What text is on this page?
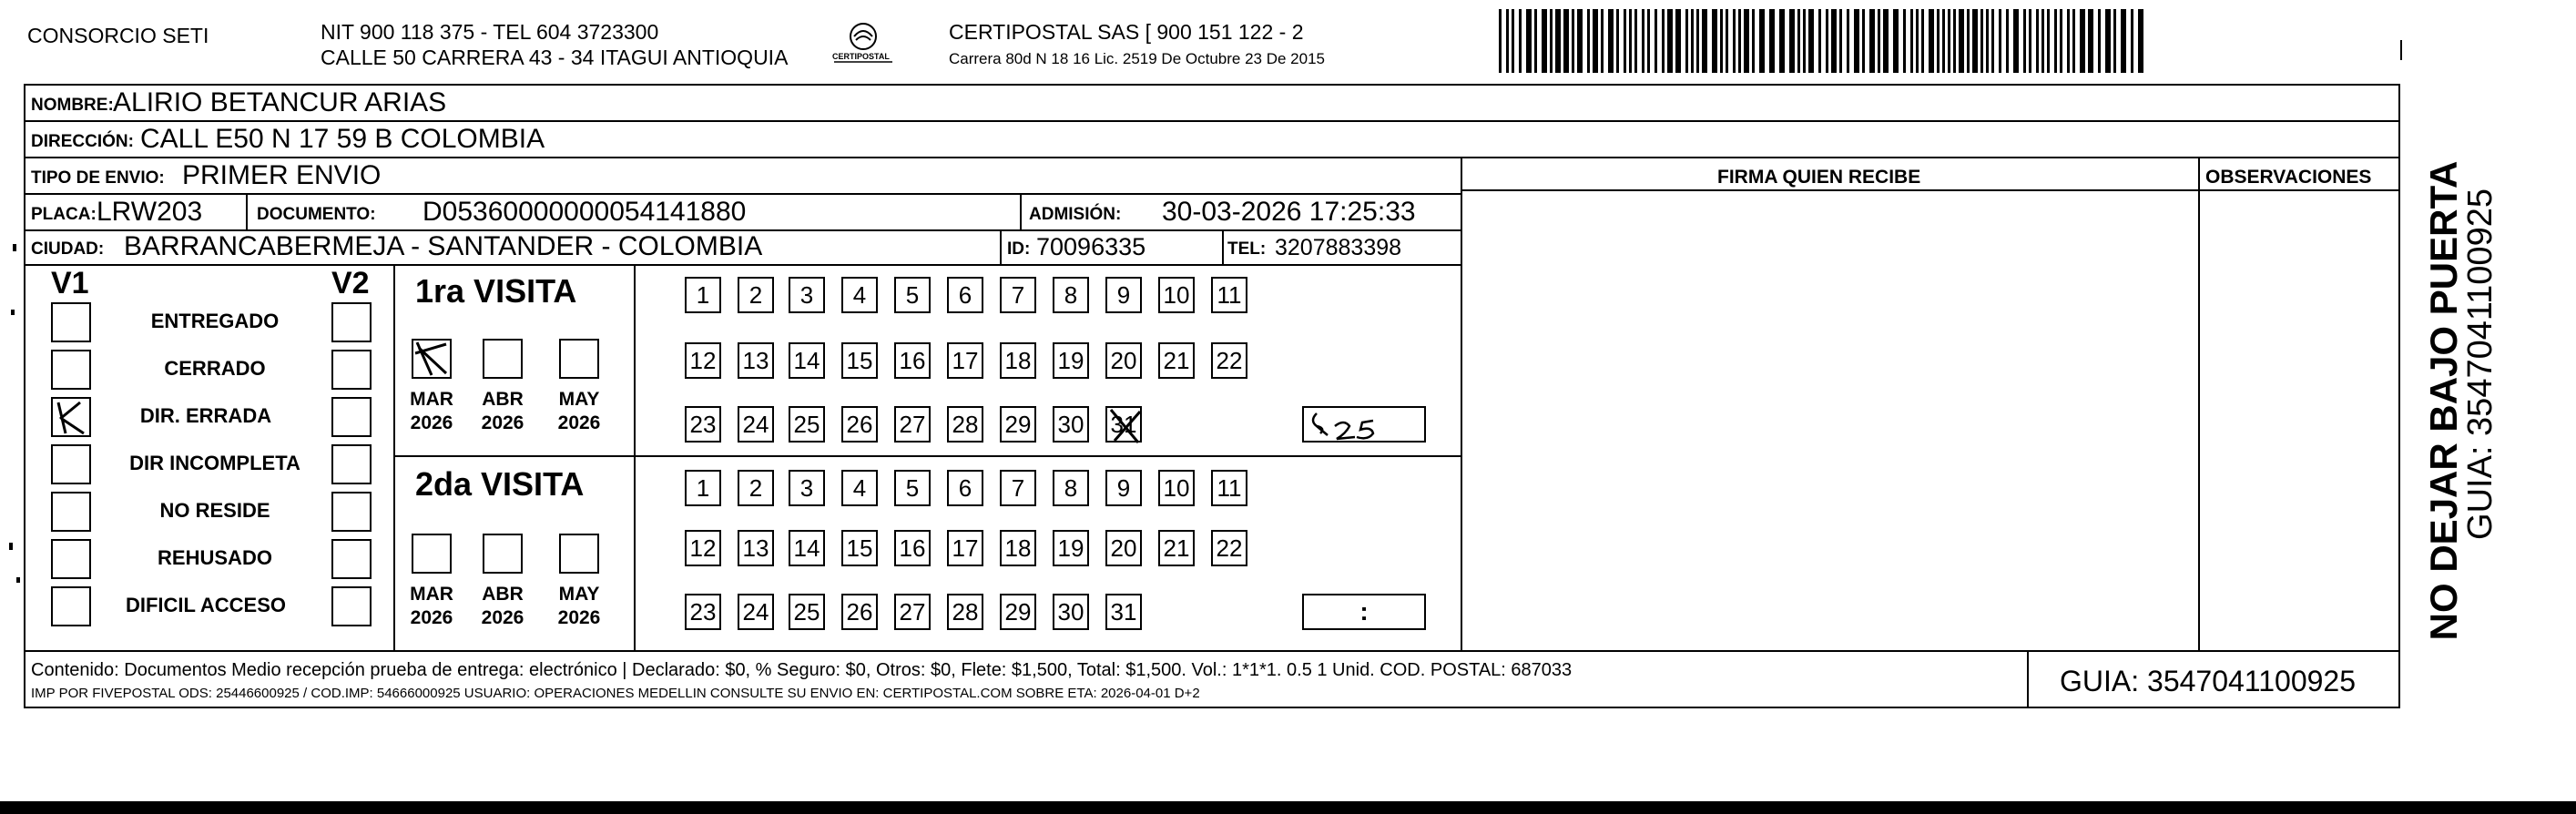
CONSORCIO SETI	NIT 900 118 375 - TEL 604 3723300
CALLE 50 CARRERA 43 - 34 ITAGUI ANTIOQUIA	CERTIPOSTAL
CERTIPOSTAL SAS [ 900 151 122 - 2
Carrera 80d N 18 16 Lic. 2519 De Octubre 23 De 2015
NOMBRE: ALIRIO BETANCUR ARIAS
DIRECCIÓN: CALL E50 N 17 59 B COLOMBIA
TIPO DE ENVIO: PRIMER ENVIO	FIRMA QUIEN RECIBE	OBSERVACIONES
PLACA: LRW203	DOCUMENTO: D05360000000054141880	ADMISIÓN: 30-03-2026 17:25:33
CIUDAD: BARRANCABERMEJA - SANTANDER - COLOMBIA	ID: 70096335	TEL: 3207883398
V1	V2
ENTREGADO
CERRADO
DIR. ERRADA
DIR INCOMPLETA
NO RESIDE
REHUSADO
DIFICIL ACCESO
1ra VISITA
MAR
2026
ABR
2026
MAY
2026
2da VISITA
MAR
2026
ABR
2026
MAY
2026
1	2	3	4	5	6	7	8	9	10 11
12 13 14 15 16 17 18 19 20 21 22
23 24 25 26 27 28 29 30 31
1	2	3	4	5	6	7	8	9	10 11
12 13 14 15 16 17 18 19 20 21 22
23 24 25 26 27 28 29 30 31	:
Contenido: Documentos Medio recepción prueba de entrega: electrónico | Declarado: $0, % Seguro: $0, Otros: $0, Flete: $1,500, Total: $1,500. Vol.: 1*1*1. 0.5 1 Unid. COD. POSTAL: 687033
IMP POR FIVEPOSTAL ODS: 25446600925 / COD.IMP: 54666000925 USUARIO: OPERACIONES MEDELLIN CONSULTE SU ENVIO EN: CERTIPOSTAL.COM SOBRE ETA: 2026-04-01 D+2	GUIA: 3547041100925
NO DEJAR BAJO PUERTA
GUIA: 3547041100925
